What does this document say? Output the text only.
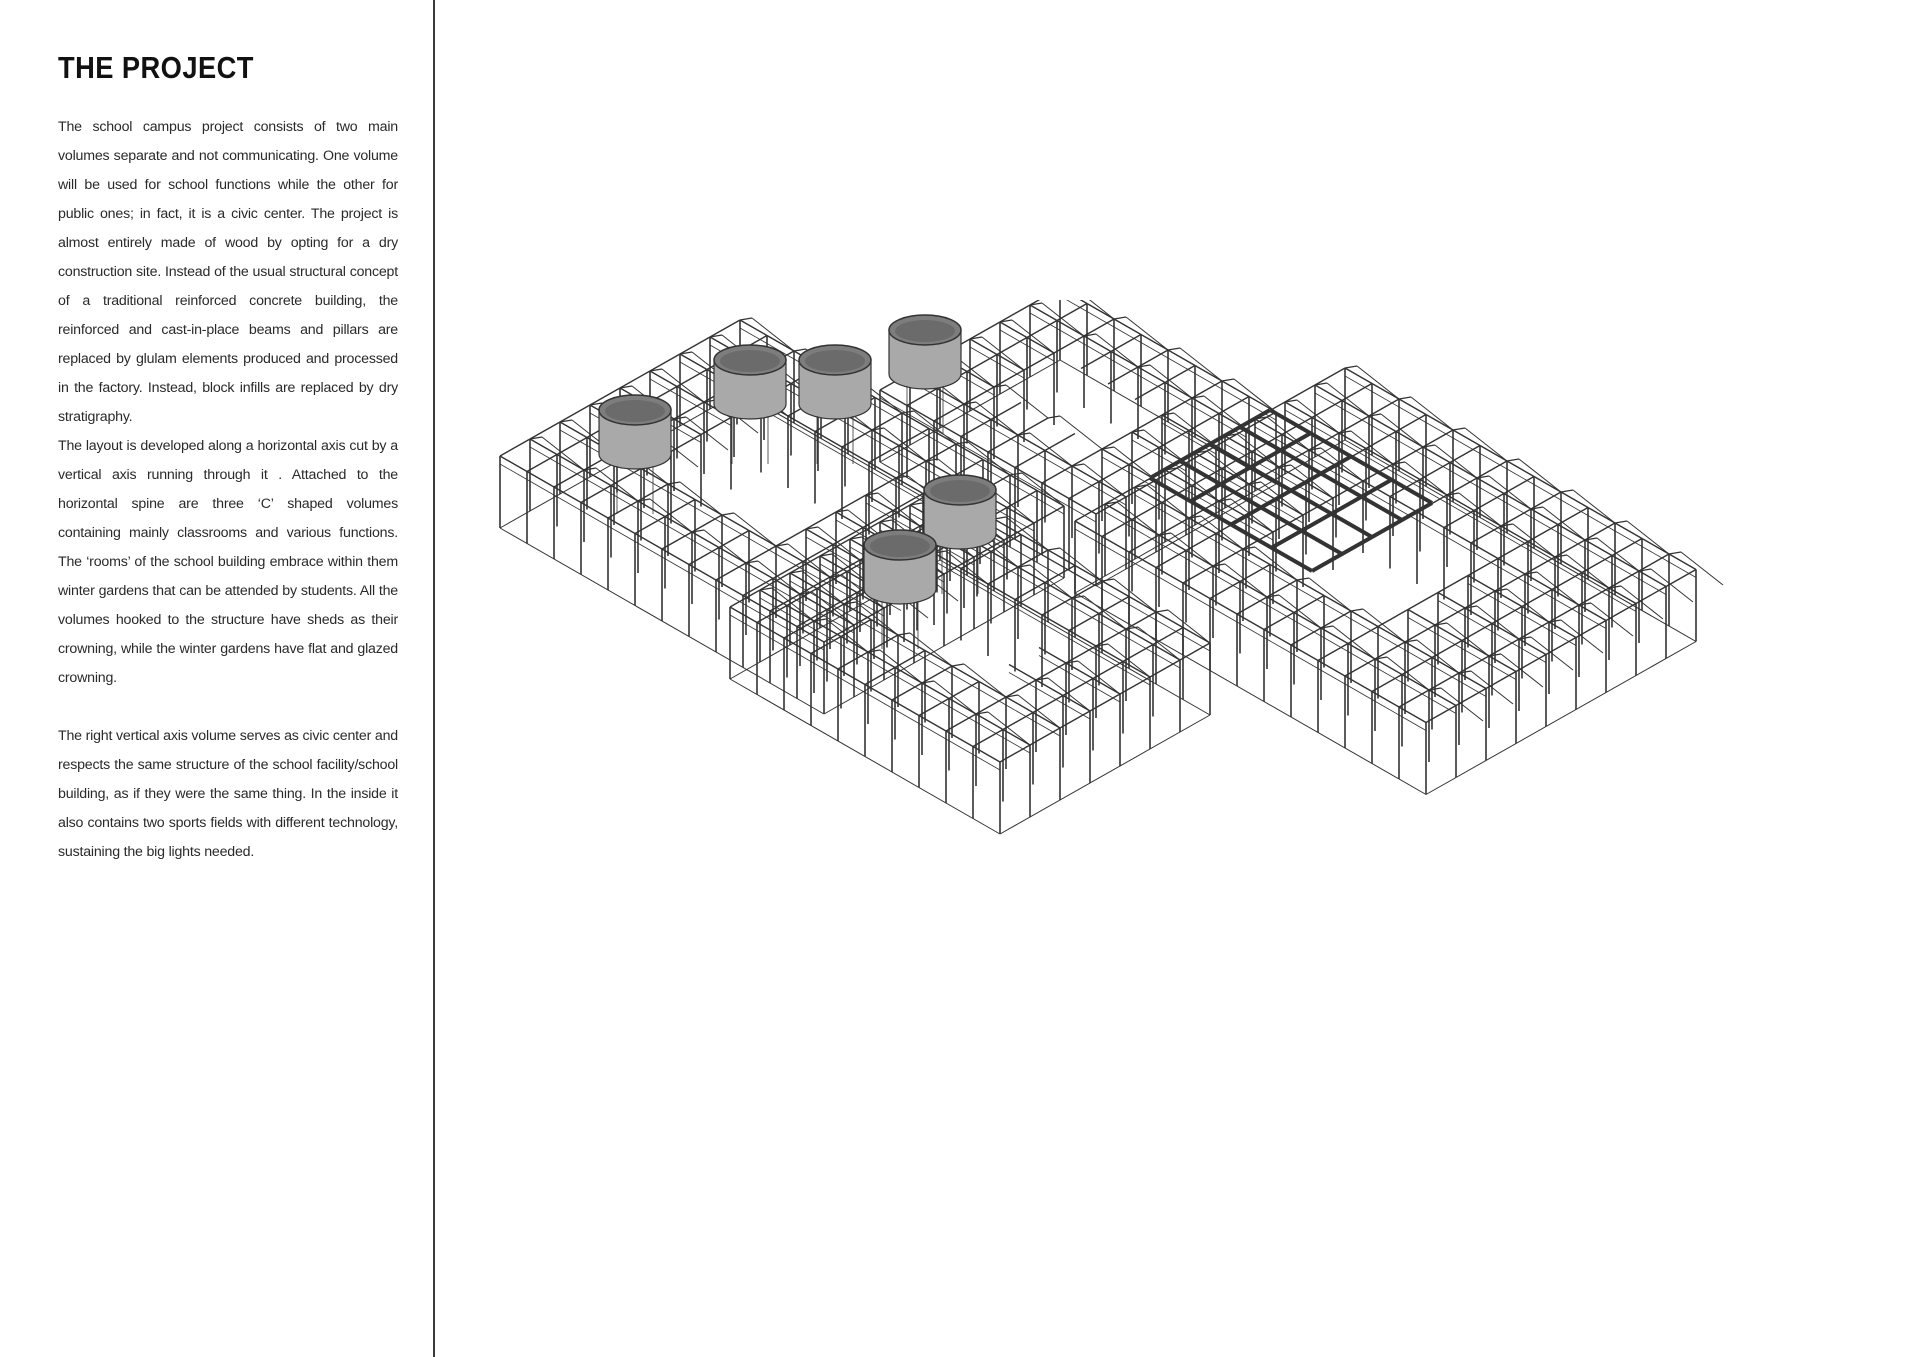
THE PROJECT

The school campus project consists of two main volumes separate and not communicating. One volume will be used for school functions while the other for public ones; in fact, it is a civic center. The project is almost entirely made of wood by opting for a dry construction site. Instead of the usual structural concept of a traditional reinforced concrete building, the reinforced and cast-in-place beams and pillars are replaced by glulam elements produced and processed in the factory. Instead, block infills are replaced by dry stratigraphy.

The layout is developed along a horizontal axis cut by a vertical axis running through it . Attached to the horizontal spine are three ‘C’ shaped volumes containing mainly classrooms and various functions. The ‘rooms’ of the school building embrace within them winter gardens that can be attended by students. All the volumes hooked to the structure have sheds as their crowning, while the winter gardens have flat and glazed crowning.

The right vertical axis volume serves as civic center and respects the same structure of the school facility/school building, as if they were the same thing. In the inside it also contains two sports fields with different technology, sustaining the big lights needed.
